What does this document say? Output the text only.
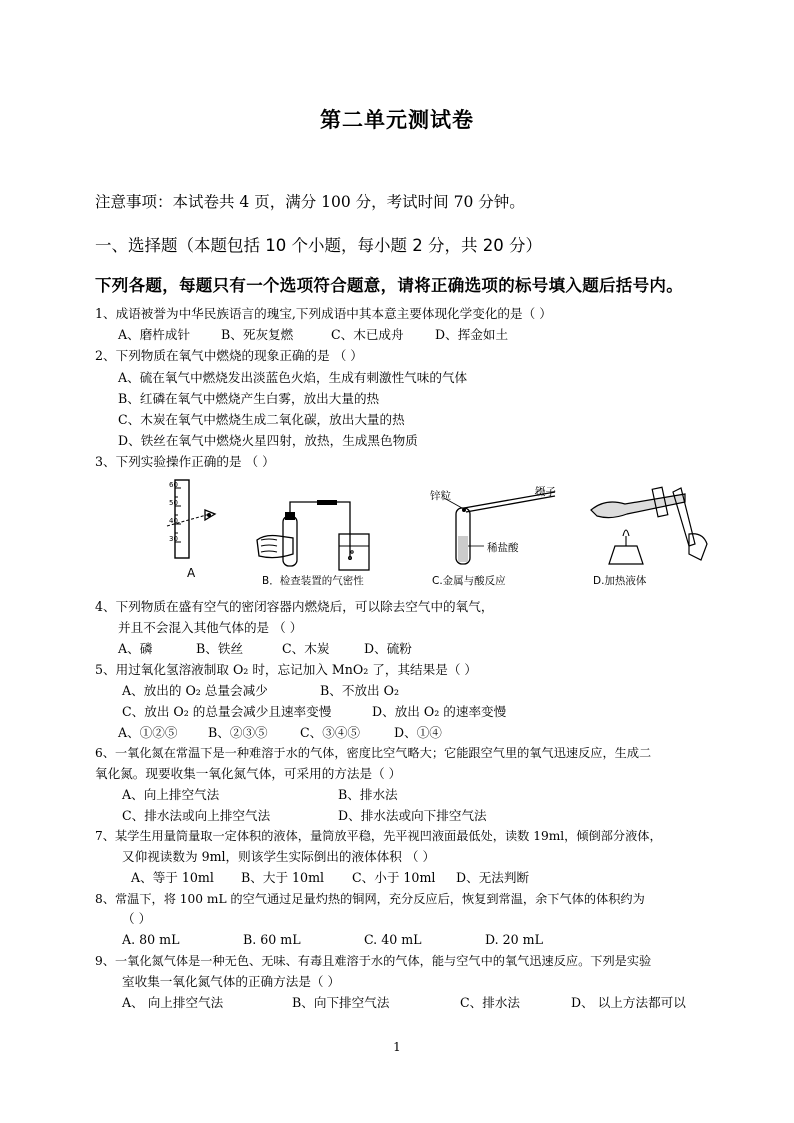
第二单元测试卷
注意事项：本试卷共 4 页，满分 100 分，考试时间 70 分钟。
一、选择题（本题包括 10 个小题，每小题 2 分，共 20 分）
下列各题，每题只有一个选项符合题意，请将正确选项的标号填入题后括号内。
1、成语被誉为中华民族语言的瑰宝,下列成语中其本意主要体现化学变化的是（ ）
A、磨杵成针 B、死灰复燃	C、木已成舟 D、挥金如土
2、下列物质在氧气中燃烧的现象正确的是 （ ）
A、硫在氧气中燃烧发出淡蓝色火焰，生成有刺激性气味的气体
B、红磷在氧气中燃烧产生白雾，放出大量的热
C、木炭在氧气中燃烧生成二氧化碳，放出大量的热
D、铁丝在氧气中燃烧火星四射，放热，生成黑色物质
3、下列实验操作正确的是 （ ）
60
50
40
30
A
B．检查装置的气密性
锌粒	镊子
稀盐酸
C.金属与酸反应	D.加热液体
4、下列物质在盛有空气的密闭容器内燃烧后，可以除去空气中的氧气，
并且不会混入其他气体的是 （ ）
A、磷	B、铁丝	C、木炭	D、硫粉
5、用过氧化氢溶液制取 O₂ 时，忘记加入 MnO₂ 了，其结果是（ ）
A、放出的 O₂ 总量会减少	B、不放出 O₂
C、放出 O₂ 的总量会减少且速率变慢	D、放出 O₂ 的速率变慢
A、①②⑤ B、②③⑤	C、③④⑤	D、①④
6、一氧化氮在常温下是一种难溶于水的气体，密度比空气略大；它能跟空气里的氧气迅速反应，生成二
氧化氮。现要收集一氧化氮气体，可采用的方法是（ ）
A、向上排空气法	B、排水法
C、排水法或向上排空气法	D、排水法或向下排空气法
7、某学生用量筒量取一定体积的液体，量筒放平稳，先平视凹液面最低处，读数 19ml，倾倒部分液体，
又仰视读数为 9ml，则该学生实际倒出的液体体积 （ ）
A、等于 10ml B、大于 10ml C、小于 10ml D、无法判断
8、常温下，将 100 mL 的空气通过足量灼热的铜网，充分反应后，恢复到常温，余下气体的体积约为
（ ）
A. 80 mL	B. 60 mL	C. 40 mL	D. 20 mL
9、一氧化氮气体是一种无色、无味、有毒且难溶于水的气体，能与空气中的氧气迅速反应。下列是实验
室收集一氧化氮气体的正确方法是（ ）
A、 向上排空气法	B、向下排空气法	C、排水法	D、 以上方法都可以
1
